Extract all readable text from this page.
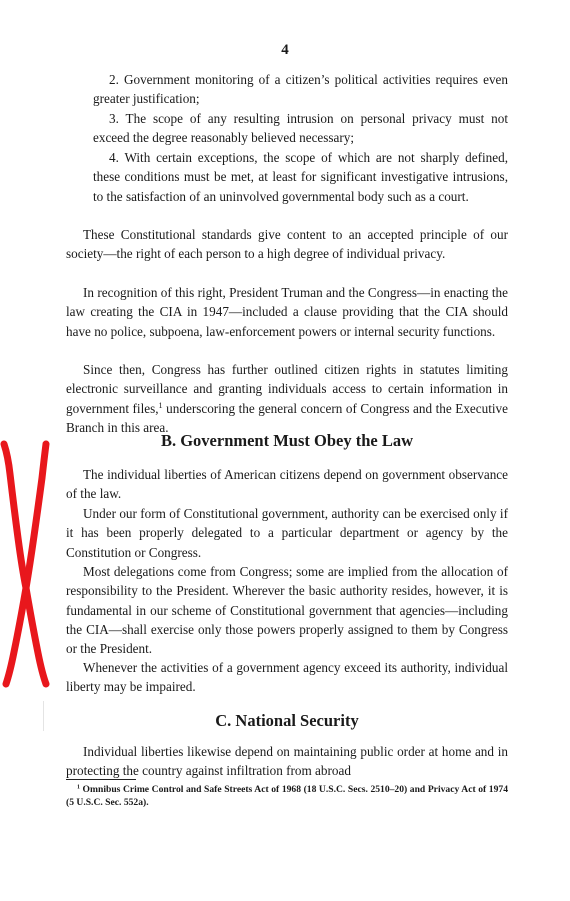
4

2. Government monitoring of a citizen’s political activities requires even greater justification;

3. The scope of any resulting intrusion on personal privacy must not exceed the degree reasonably believed necessary;

4. With certain exceptions, the scope of which are not sharply defined, these conditions must be met, at least for significant investigative intrusions, to the satisfaction of an uninvolved governmental body such as a court.

These Constitutional standards give content to an accepted principle of our society—the right of each person to a high degree of individual privacy.

In recognition of this right, President Truman and the Congress—in enacting the law creating the CIA in 1947—included a clause providing that the CIA should have no police, subpoena, law-enforcement powers or internal security functions.

Since then, Congress has further outlined citizen rights in statutes limiting electronic surveillance and granting individuals access to certain information in government files,$^1$ underscoring the general concern of Congress and the Executive Branch in this area.

B. Government Must Obey the Law

The individual liberties of American citizens depend on government observance of the law.

Under our form of Constitutional government, authority can be exercised only if it has been properly delegated to a particular department or agency by the Constitution or Congress.

Most delegations come from Congress; some are implied from the allocation of responsibility to the President. Wherever the basic authority resides, however, it is fundamental in our scheme of Constitutional government that agencies—including the CIA—shall exercise only those powers properly assigned to them by Congress or the President.

Whenever the activities of a government agency exceed its authority, individual liberty may be impaired.

C. National Security

Individual liberties likewise depend on maintaining public order at home and in protecting the country against infiltration from abroad

$^1$ Omnibus Crime Control and Safe Streets Act of 1968 (18 U.S.C. Secs. 2510–20) and Privacy Act of 1974 (5 U.S.C. Sec. 552a).
